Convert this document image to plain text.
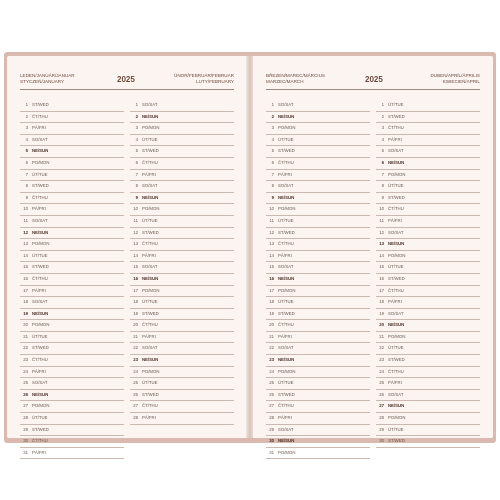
LEDEN/JANUÁR/JANUAR
STYCZEŃ/JANUARY	2025	ÚNOR/FEBRUÁR/FEBRUAR
LUTY/FEBRUARY
1 ST/WED
2 ČT/THU
3 PÁ/FRI
4 SO/SAT
5 NE/SUN
6 PO/MON
7 ÚT/TUE
8 ST/WED
9 ČT/THU
10 PÁ/FRI
11 SO/SAT
12 NE/SUN
13 PO/MON
14 ÚT/TUE
15 ST/WED
16 ČT/THU
17 PÁ/FRI
18 SO/SAT
19 NE/SUN
20 PO/MON
21 ÚT/TUE
22 ST/WED
23 ČT/THU
24 PÁ/FRI
25 SO/SAT
26 NE/SUN
27 PO/MON
28 ÚT/TUE
29 ST/WED
30 ČT/THU
31 PÁ/FRI
1 SO/SAT
2 NE/SUN
3 PO/MON
4 ÚT/TUE
5 ST/WED
6 ČT/THU
7 PÁ/FRI
8 SO/SAT
9 NE/SUN
10 PO/MON
11 ÚT/TUE
12 ST/WED
13 ČT/THU
14 PÁ/FRI
15 SO/SAT
16 NE/SUN
17 PO/MON
18 ÚT/TUE
19 ST/WED
20 ČT/THU
21 PÁ/FRI
22 SO/SAT
23 NE/SUN
24 PO/MON
25 ÚT/TUE
26 ST/WED
27 ČT/THU
28 PÁ/FRI
BŘEZEN/MAREC/MÁRCIUS
MARZEC/MARCH	2025	DUBEN/APRÍL/ÁPRILIS
KWIECIEŃ/APRIL
1 SO/SAT
2 NE/SUN
3 PO/MON
4 ÚT/TUE
5 ST/WED
6 ČT/THU
7 PÁ/FRI
8 SO/SAT
9 NE/SUN
10 PO/MON
11 ÚT/TUE
12 ST/WED
13 ČT/THU
14 PÁ/FRI
15 SO/SAT
16 NE/SUN
17 PO/MON
18 ÚT/TUE
19 ST/WED
20 ČT/THU
21 PÁ/FRI
22 SO/SAT
23 NE/SUN
24 PO/MON
25 ÚT/TUE
26 ST/WED
27 ČT/THU
28 PÁ/FRI
29 SO/SAT
30 NE/SUN
31 PO/MON
1 ÚT/TUE
2 ST/WED
3 ČT/THU
4 PÁ/FRI
5 SO/SAT
6 NE/SUN
7 PO/MON
8 ÚT/TUE
9 ST/WED
10 ČT/THU
11 PÁ/FRI
12 SO/SAT
13 NE/SUN
14 PO/MON
15 ÚT/TUE
16 ST/WED
17 ČT/THU
18 PÁ/FRI
19 SO/SAT
20 NE/SUN
21 PO/MON
22 ÚT/TUE
23 ST/WED
24 ČT/THU
25 PÁ/FRI
26 SO/SAT
27 NE/SUN
28 PO/MON
29 ÚT/TUE
30 ST/WED
